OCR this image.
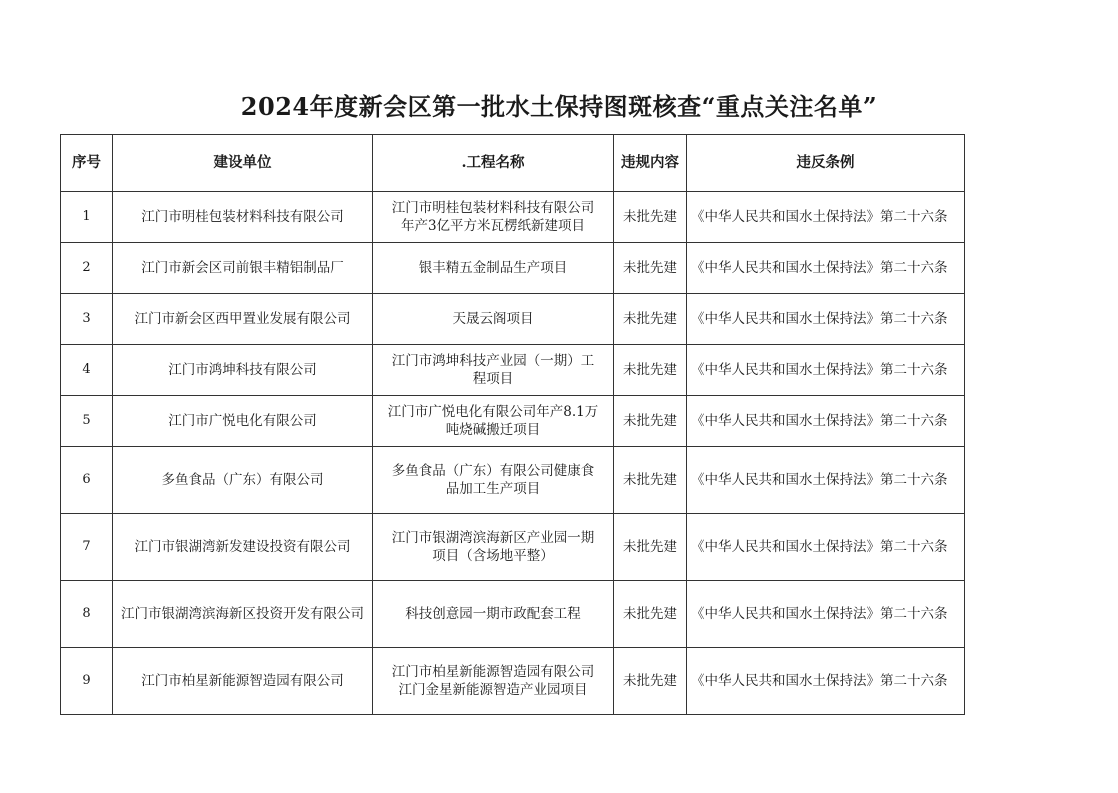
2024年度新会区第一批水土保持图斑核查“重点关注名单”
序号	建设单位	.工程名称	违规内容	违反条例
1	江门市明桂包装材料科技有限公司	江门市明桂包装材料科技有限公司
年产3亿平方米瓦楞纸新建项目	未批先建	《中华人民共和国水土保持法》第二十六条
2	江门市新会区司前银丰精铝制品厂	银丰精五金制品生产项目	未批先建	《中华人民共和国水土保持法》第二十六条
3	江门市新会区西甲置业发展有限公司	天晟云阁项目	未批先建	《中华人民共和国水土保持法》第二十六条
4	江门市鸿坤科技有限公司	江门市鸿坤科技产业园（一期）工
程项目	未批先建	《中华人民共和国水土保持法》第二十六条
5	江门市广悦电化有限公司	江门市广悦电化有限公司年产8.1万
吨烧碱搬迁项目	未批先建	《中华人民共和国水土保持法》第二十六条
6	多鱼食品（广东）有限公司	多鱼食品（广东）有限公司健康食
品加工生产项目	未批先建	《中华人民共和国水土保持法》第二十六条
7	江门市银湖湾新发建设投资有限公司	江门市银湖湾滨海新区产业园一期
项目（含场地平整）	未批先建	《中华人民共和国水土保持法》第二十六条
8	江门市银湖湾滨海新区投资开发有限公司	科技创意园一期市政配套工程	未批先建	《中华人民共和国水土保持法》第二十六条
9	江门市柏星新能源智造园有限公司	江门市柏星新能源智造园有限公司
江门金星新能源智造产业园项目	未批先建	《中华人民共和国水土保持法》第二十六条
